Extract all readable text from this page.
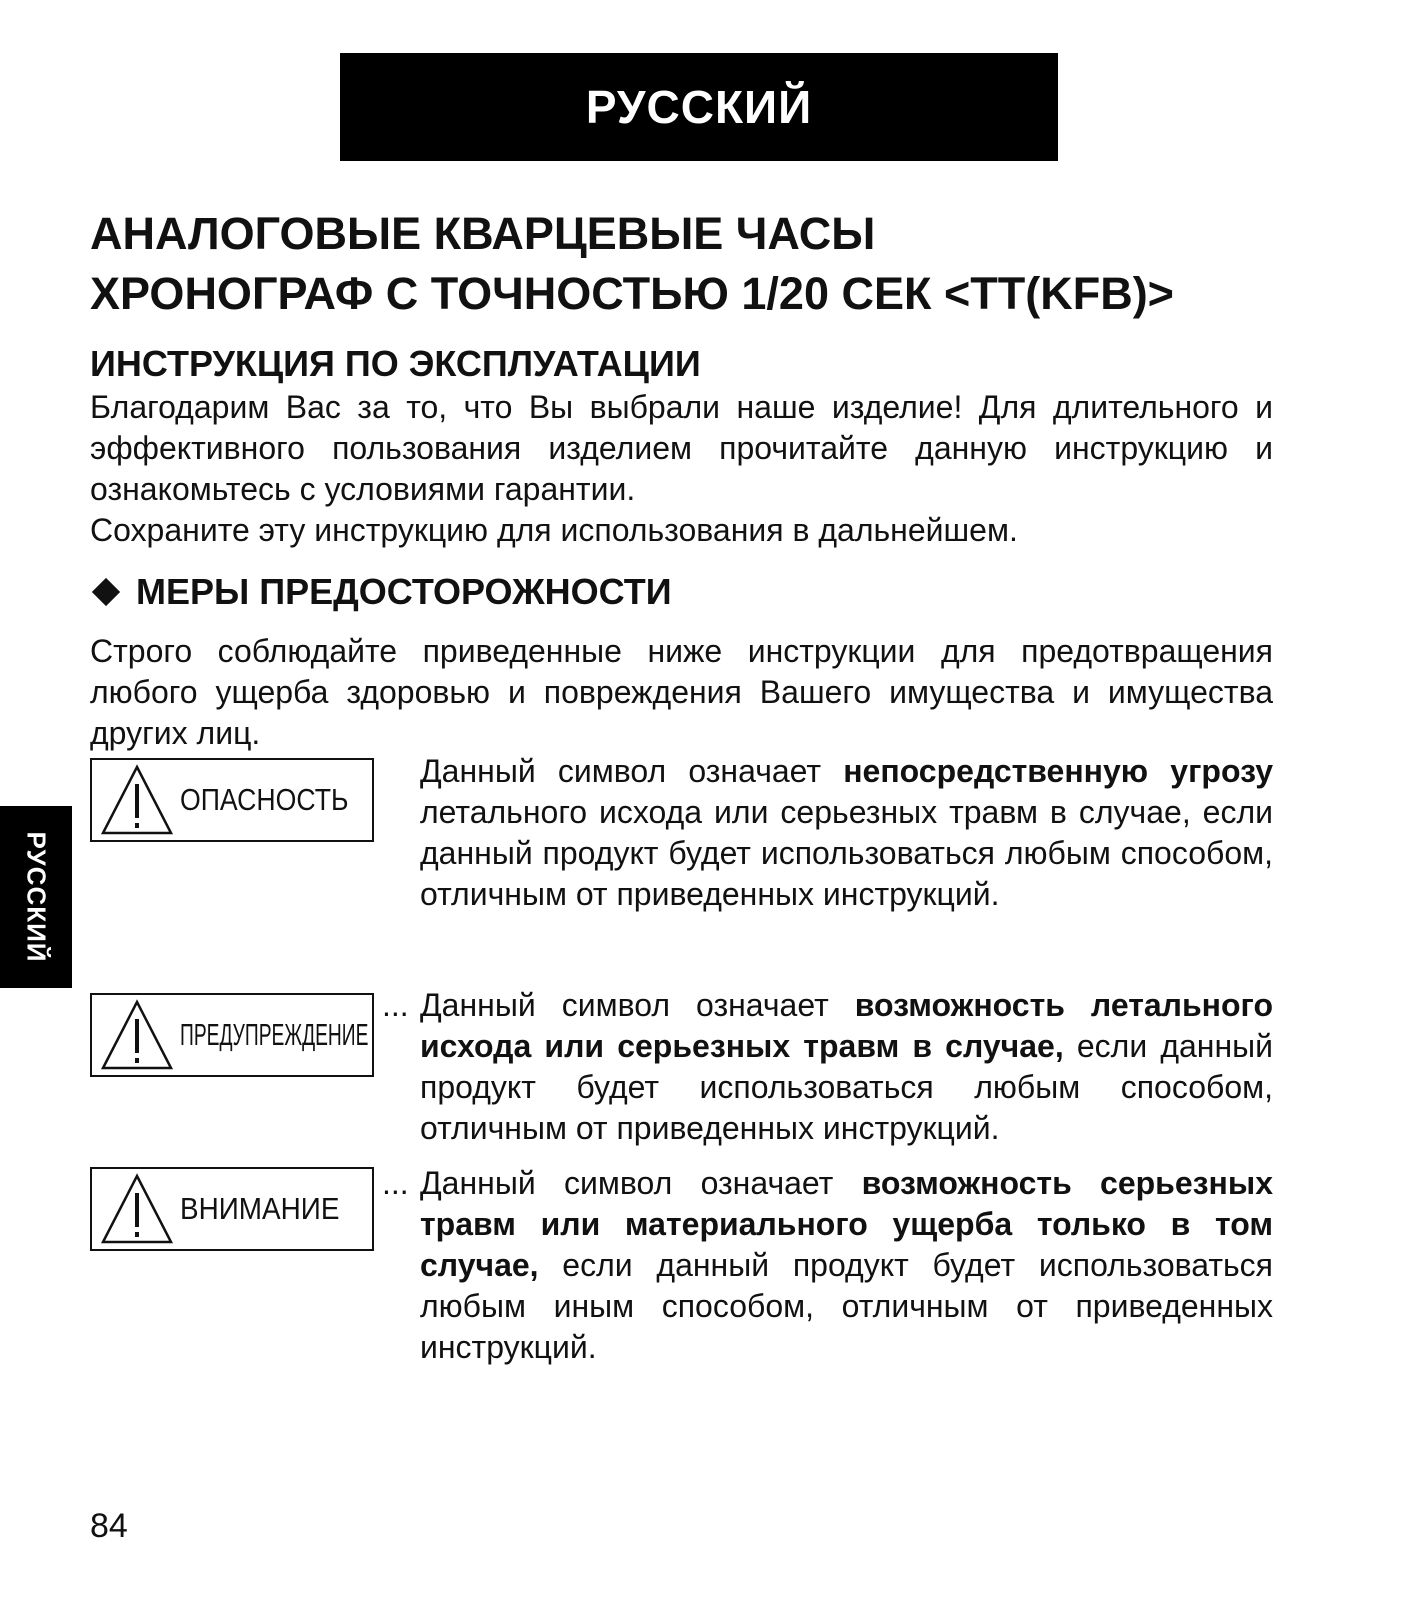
РУССКИЙ
РУССКИЙ
АНАЛОГОВЫЕ КВАРЦЕВЫЕ ЧАСЫ
ХРОНОГРАФ С ТОЧНОСТЬЮ 1/20 СЕК <TT(KFB)>
ИНСТРУКЦИЯ ПО ЭКСПЛУАТАЦИИ

Благодарим Вас за то, что Вы выбрали наше изделие! Для длительного и эффективного пользования изделием прочитайте данную инструкцию и ознакомьтесь с условиями гарантии.

Сохраните эту инструкцию для использования в дальнейшем.

МЕРЫ ПРЕДОСТОРОЖНОСТИ
Строго соблюдайте приведенные ниже инструкции для предотвращения любого ущерба здоровью и повреждения Вашего имущества и имущества других лиц.
ОПАСНОСТЬ
Данный символ означает непосредственную угрозу летального исхода или серьезных травм в случае, если данный продукт будет использоваться любым способом, отличным от приведенных инструкций.
ПРЕДУПРЕЖДЕНИЕ
... Данный символ означает возможность летального исхода или серьезных травм в случае, если данный продукт будет использоваться любым способом, отличным от приведенных инструкций.
ВНИМАНИЕ
... Данный символ означает возможность серьезных травм или материального ущерба только в том случае, если данный продукт будет использоваться любым иным способом, отличным от приведенных инструкций.
84
